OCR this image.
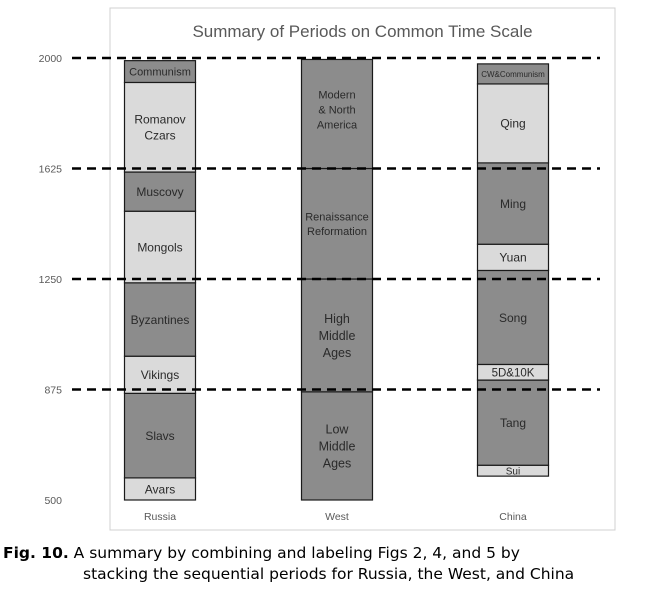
Summary of Periods on Common Time Scale
2000
1625
1250
875
500
Avars
Slavs
Vikings
Byzantines
Mongols
Muscovy
Romanov Czars
Communism
Russia
Low Middle Ages
High Middle Ages
Renaissance Reformation
Modern & North America
West
Sui
Tang
5D&10K
Song
Yuan
Ming
Qing
CW&Communism
China
Fig. 10. A summary by combining and labeling Figs 2, 4, and 5 by
stacking the sequential periods for Russia, the West, and China
